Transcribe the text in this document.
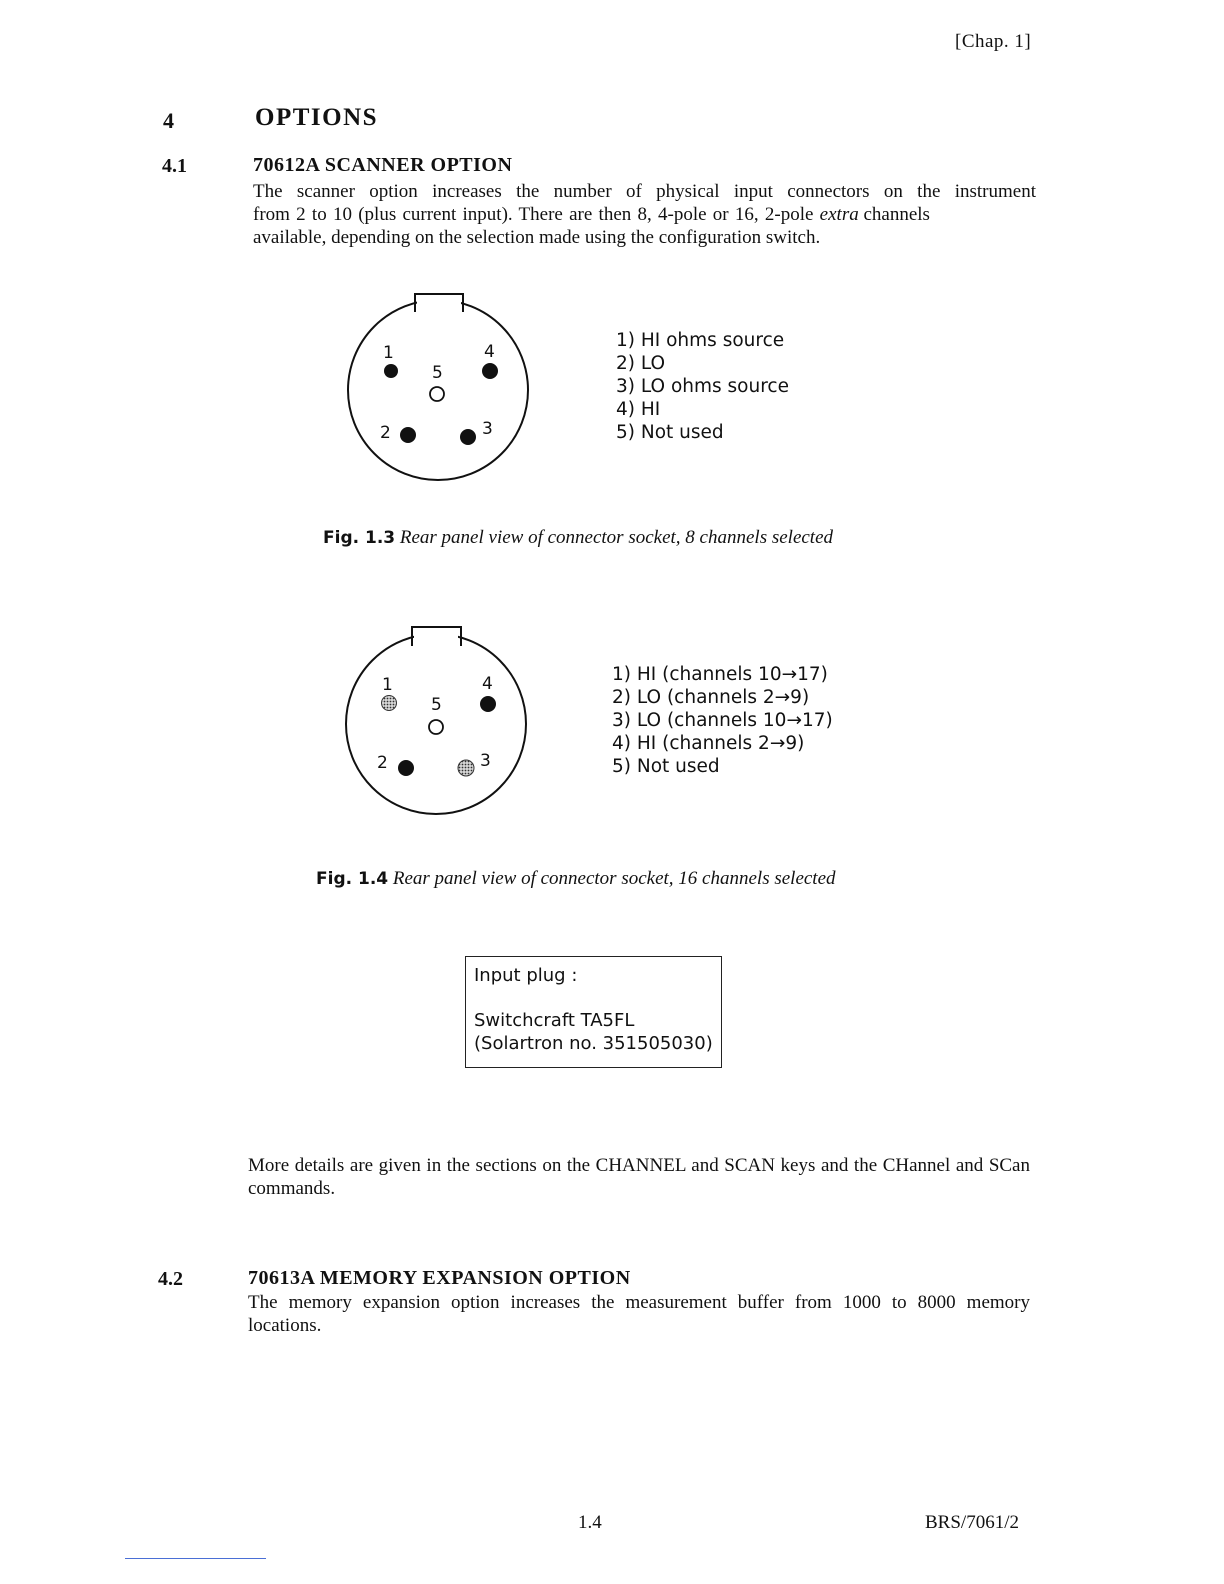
[Chap. 1]
4	OPTIONS
4.1	70612A SCANNER OPTION
The scanner option increases the number of physical input connectors on the instrument
from 2 to 10 (plus current input). There are then 8, 4-pole or 16, 2-pole extra channels
available, depending on the selection made using the configuration switch.
1	4
5
2	3
1) HI ohms source
2) LO
3) LO ohms source
4) HI
5) Not used
Fig. 1.3 Rear panel view of connector socket, 8 channels selected
1	4
5
2	3
1) HI (channels 10→17)
2) LO (channels 2→9)
3) LO (channels 10→17)
4) HI (channels 2→9)
5) Not used
Fig. 1.4 Rear panel view of connector socket, 16 channels selected
Input plug :
Switchcraft TA5FL
(Solartron no. 351505030)
More details are given in the sections on the CHANNEL and SCAN keys and the CHannel and SCan commands.
4.2	70613A MEMORY EXPANSION OPTION
The memory expansion option increases the measurement buffer from 1000 to 8000 memory locations.
1.4	BRS/7061/2
